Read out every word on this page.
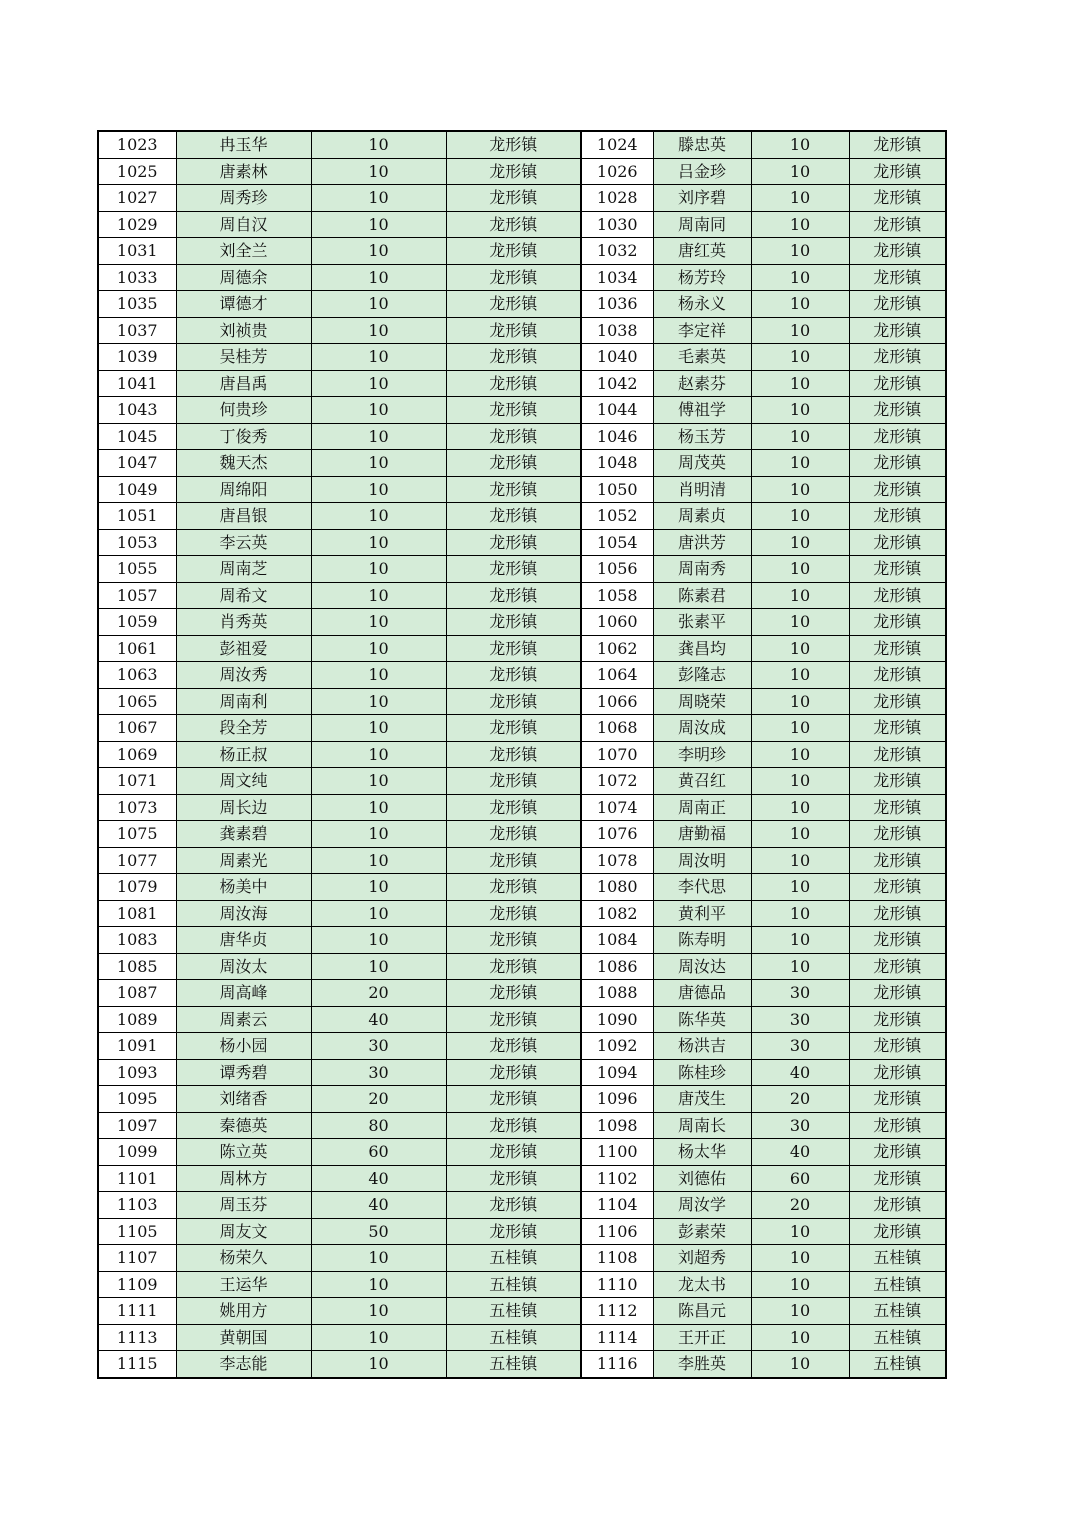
1023	冉玉华	10	龙形镇	1024	滕忠英	10	龙形镇
1025	唐素林	10	龙形镇	1026	吕金珍	10	龙形镇
1027	周秀珍	10	龙形镇	1028	刘序碧	10	龙形镇
1029	周自汉	10	龙形镇	1030	周南同	10	龙形镇
1031	刘全兰	10	龙形镇	1032	唐红英	10	龙形镇
1033	周德余	10	龙形镇	1034	杨芳玲	10	龙形镇
1035	谭德才	10	龙形镇	1036	杨永义	10	龙形镇
1037	刘祯贵	10	龙形镇	1038	李定祥	10	龙形镇
1039	吴桂芳	10	龙形镇	1040	毛素英	10	龙形镇
1041	唐昌禹	10	龙形镇	1042	赵素芬	10	龙形镇
1043	何贵珍	10	龙形镇	1044	傅祖学	10	龙形镇
1045	丁俊秀	10	龙形镇	1046	杨玉芳	10	龙形镇
1047	魏天杰	10	龙形镇	1048	周茂英	10	龙形镇
1049	周绵阳	10	龙形镇	1050	肖明清	10	龙形镇
1051	唐昌银	10	龙形镇	1052	周素贞	10	龙形镇
1053	李云英	10	龙形镇	1054	唐洪芳	10	龙形镇
1055	周南芝	10	龙形镇	1056	周南秀	10	龙形镇
1057	周希文	10	龙形镇	1058	陈素君	10	龙形镇
1059	肖秀英	10	龙形镇	1060	张素平	10	龙形镇
1061	彭祖爱	10	龙形镇	1062	龚昌均	10	龙形镇
1063	周汝秀	10	龙形镇	1064	彭隆志	10	龙形镇
1065	周南利	10	龙形镇	1066	周晓荣	10	龙形镇
1067	段全芳	10	龙形镇	1068	周汝成	10	龙形镇
1069	杨正叔	10	龙形镇	1070	李明珍	10	龙形镇
1071	周文纯	10	龙形镇	1072	黄召红	10	龙形镇
1073	周长边	10	龙形镇	1074	周南正	10	龙形镇
1075	龚素碧	10	龙形镇	1076	唐勤福	10	龙形镇
1077	周素光	10	龙形镇	1078	周汝明	10	龙形镇
1079	杨美中	10	龙形镇	1080	李代思	10	龙形镇
1081	周汝海	10	龙形镇	1082	黄利平	10	龙形镇
1083	唐华贞	10	龙形镇	1084	陈寿明	10	龙形镇
1085	周汝太	10	龙形镇	1086	周汝达	10	龙形镇
1087	周高峰	20	龙形镇	1088	唐德品	30	龙形镇
1089	周素云	40	龙形镇	1090	陈华英	30	龙形镇
1091	杨小园	30	龙形镇	1092	杨洪吉	30	龙形镇
1093	谭秀碧	30	龙形镇	1094	陈桂珍	40	龙形镇
1095	刘绪香	20	龙形镇	1096	唐茂生	20	龙形镇
1097	秦德英	80	龙形镇	1098	周南长	30	龙形镇
1099	陈立英	60	龙形镇	1100	杨太华	40	龙形镇
1101	周林方	40	龙形镇	1102	刘德佑	60	龙形镇
1103	周玉芬	40	龙形镇	1104	周汝学	20	龙形镇
1105	周友文	50	龙形镇	1106	彭素荣	10	龙形镇
1107	杨荣久	10	五桂镇	1108	刘超秀	10	五桂镇
1109	王运华	10	五桂镇	1110	龙太书	10	五桂镇
1111	姚用方	10	五桂镇	1112	陈昌元	10	五桂镇
1113	黄朝国	10	五桂镇	1114	王开正	10	五桂镇
1115	李志能	10	五桂镇	1116	李胜英	10	五桂镇
